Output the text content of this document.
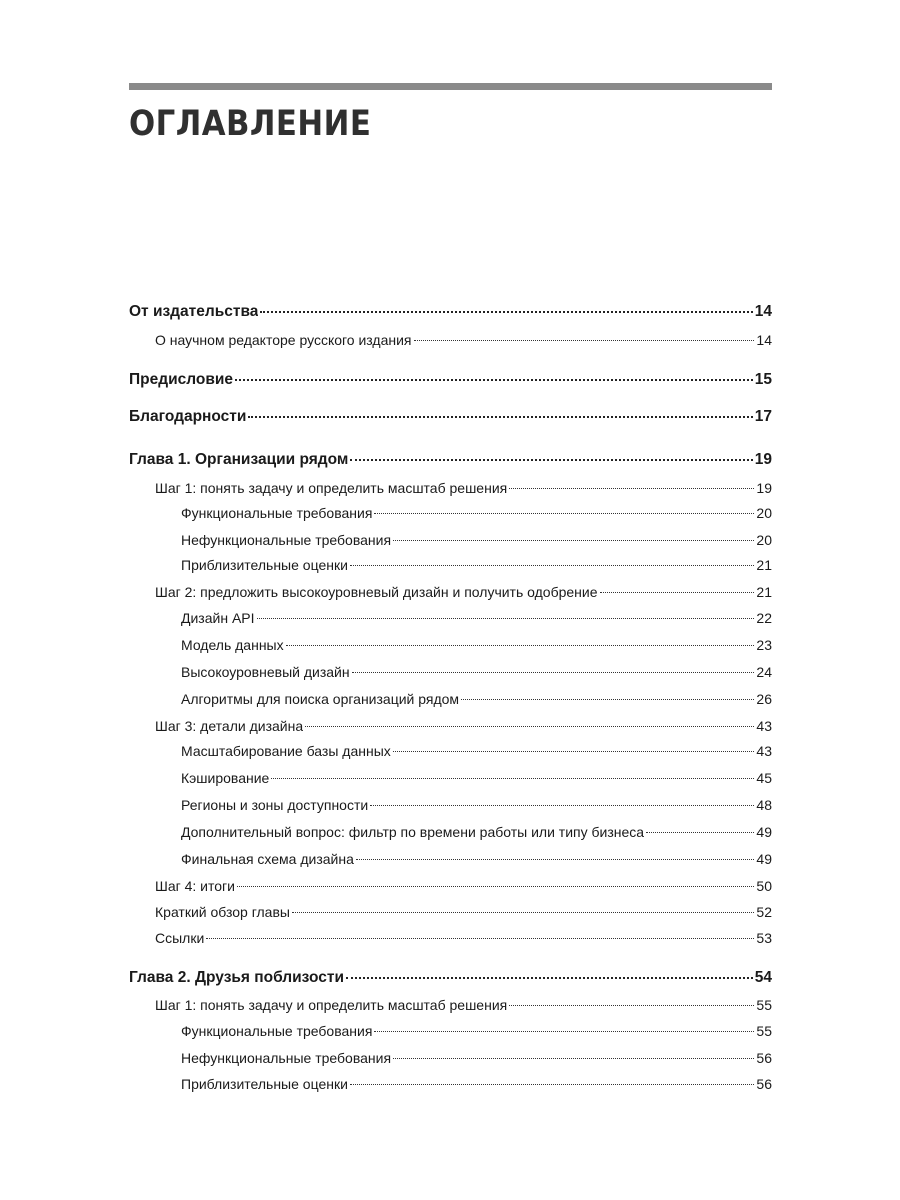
ОГЛАВЛЕНИЕ
От издательства	14
О научном редакторе русского издания	14
Предисловие	15
Благодарности	17
Глава 1. Организации рядом	19
Шаг 1: понять задачу и определить масштаб решения	19
Функциональные требования	20
Нефункциональные требования	20
Приблизительные оценки	21
Шаг 2: предложить высокоуровневый дизайн и получить одобрение	21
Дизайн API	22
Модель данных	23
Высокоуровневый дизайн	24
Алгоритмы для поиска организаций рядом	26
Шаг 3: детали дизайна	43
Масштабирование базы данных	43
Кэширование	45
Регионы и зоны доступности	48
Дополнительный вопрос: фильтр по времени работы или типу бизнеса	49
Финальная схема дизайна	49
Шаг 4: итоги	50
Краткий обзор главы	52
Ссылки	53
Глава 2. Друзья поблизости	54
Шаг 1: понять задачу и определить масштаб решения	55
Функциональные требования	55
Нефункциональные требования	56
Приблизительные оценки	56
